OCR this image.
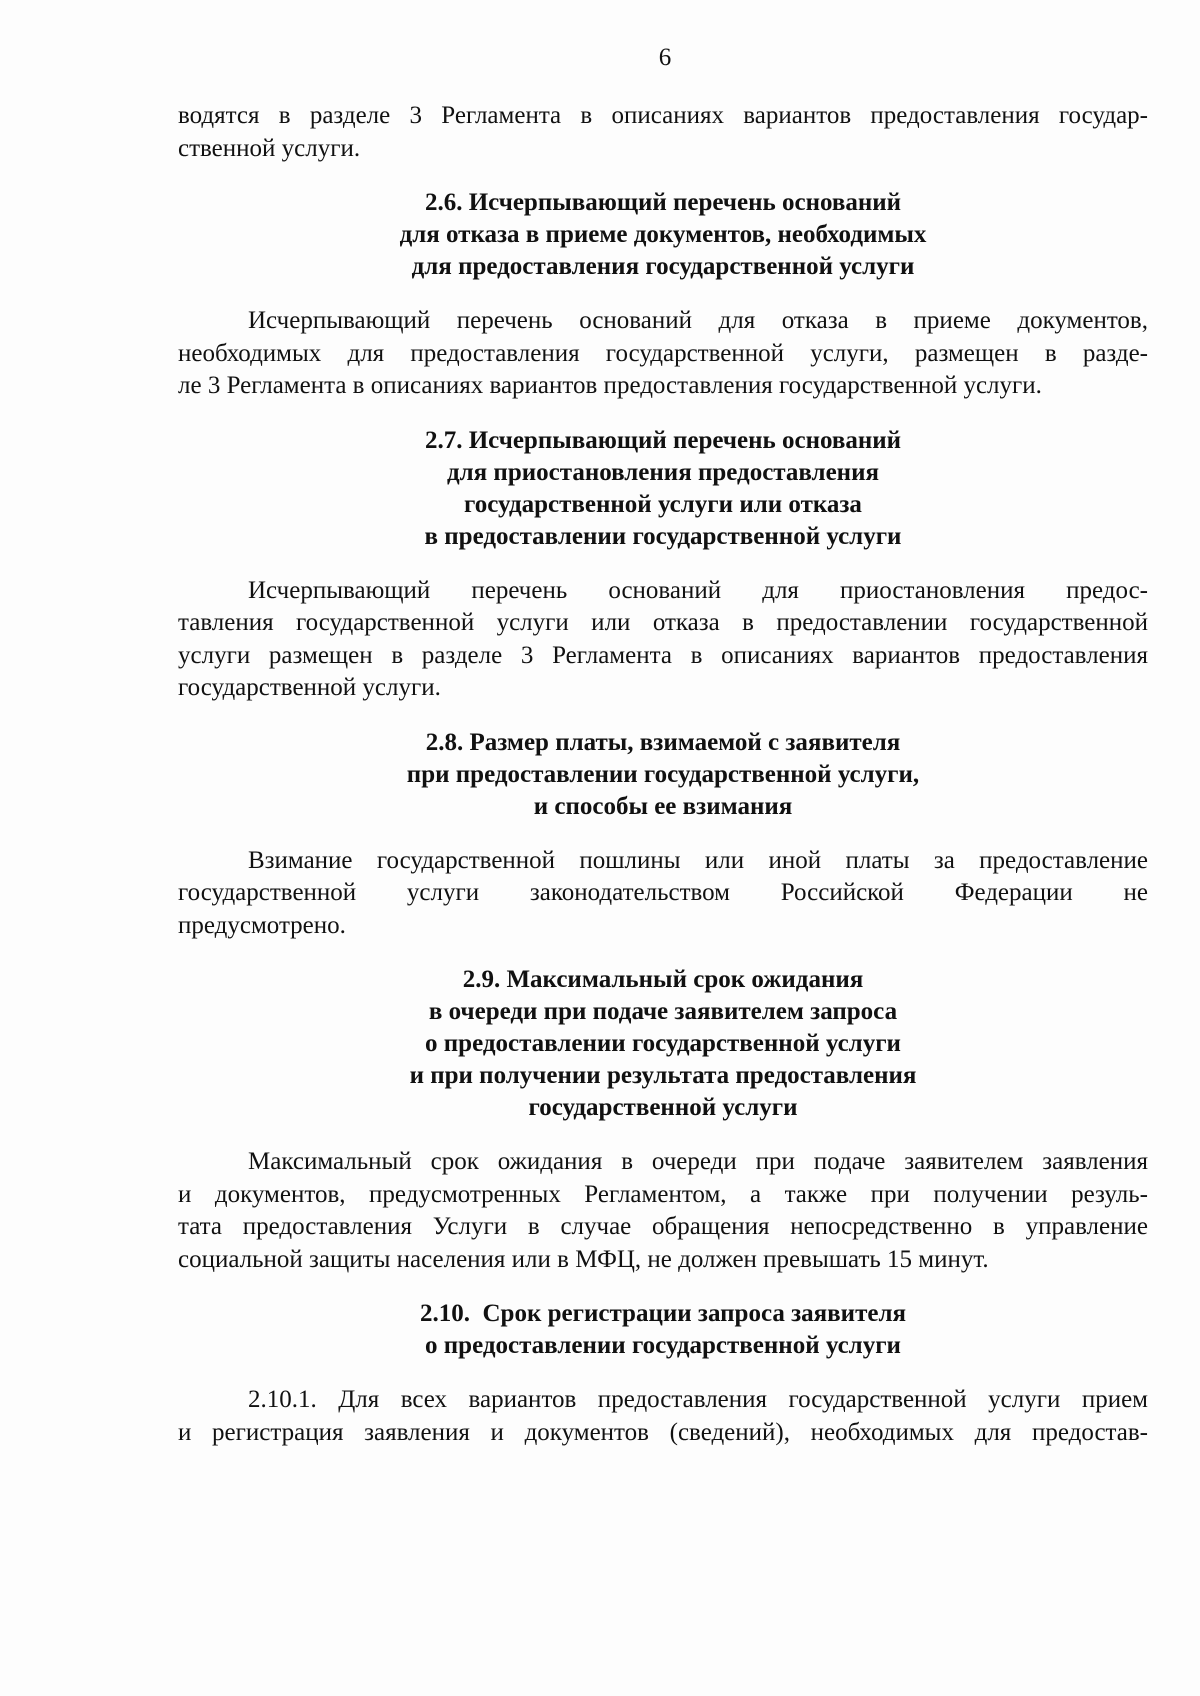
6

водятся в разделе 3 Регламента в описаниях вариантов предоставления государ-
ственной услуги.

2.6. Исчерпывающий перечень оснований
для отказа в приеме документов, необходимых
для предоставления государственной услуги

Исчерпывающий перечень оснований для отказа в приеме документов,
необходимых для предоставления государственной услуги, размещен в разде-
ле 3 Регламента в описаниях вариантов предоставления государственной услуги.

2.7. Исчерпывающий перечень оснований
для приостановления предоставления
государственной услуги или отказа
в предоставлении государственной услуги

Исчерпывающий перечень оснований для приостановления предос-
тавления государственной услуги или отказа в предоставлении государственной
услуги размещен в разделе 3 Регламента в описаниях вариантов предоставления
государственной услуги.

2.8. Размер платы, взимаемой с заявителя
при предоставлении государственной услуги,
и способы ее взимания

Взимание государственной пошлины или иной платы за предоставление
государственной услуги законодательством Российской Федерации не
предусмотрено.

2.9. Максимальный срок ожидания
в очереди при подаче заявителем запроса
о предоставлении государственной услуги
и при получении результата предоставления
государственной услуги

Максимальный срок ожидания в очереди при подаче заявителем заявления
и документов, предусмотренных Регламентом, а также при получении резуль-
тата предоставления Услуги в случае обращения непосредственно в управление
социальной защиты населения или в МФЦ, не должен превышать 15 минут.

2.10.  Срок регистрации запроса заявителя
о предоставлении государственной услуги

2.10.1. Для всех вариантов предоставления государственной услуги прием
и регистрация заявления и документов (сведений), необходимых для предостав-
